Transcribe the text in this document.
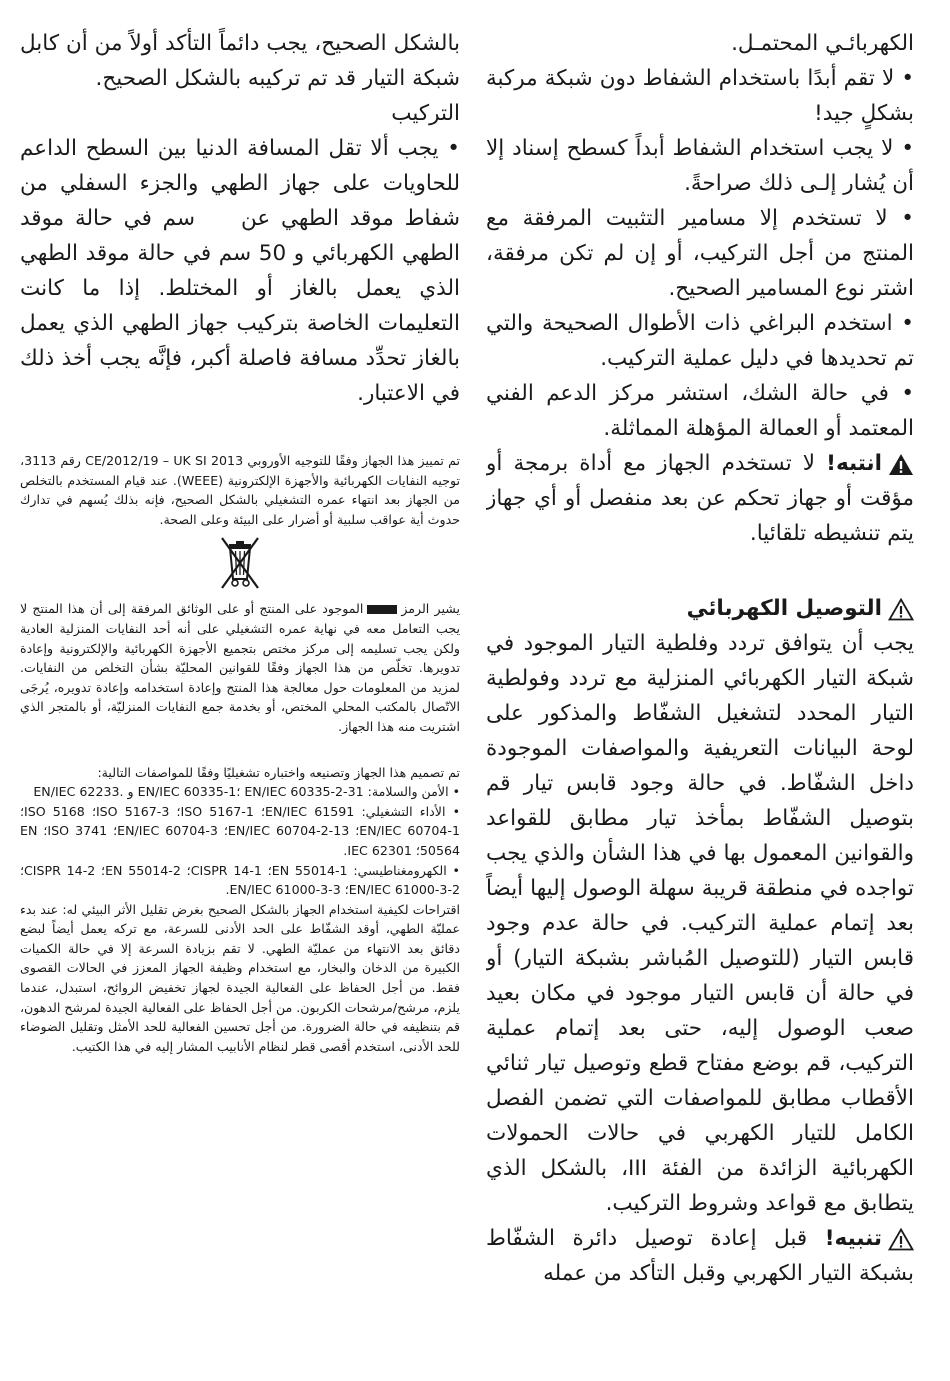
الكهربائـي المحتمـل.

• لا تقم أبدًا باستخدام الشفاط دون شبكة مركبة بشكلٍ جيد!

• لا يجب استخدام الشفاط أبداً كسطح إسناد إلا أن يُشار إلـى ذلك صراحةً.

• لا تستخدم إلا مسامير التثبيت المرفقة مع المنتج من أجل التركيب، أو إن لم تكن مرفقة، اشتر نوع المسامير الصحيح.

• استخدم البراغي ذات الأطوال الصحيحة والتي تم تحديدها في دليل عملية التركيب.

• في حالة الشك، استشر مركز الدعم الفني المعتمد أو العمالة المؤهلة المماثلة.

انتبه! لا تستخدم الجهاز مع أداة برمجة أو مؤقت أو جهاز تحكم عن بعد منفصل أو أي جهاز يتم تنشيطه تلقائيا.

التوصيل الكهربائي

يجب أن يتوافق تردد وفلطية التيار الموجود في شبكة التيار الكهربائي المنزلية مع تردد وفولطية التيار المحدد لتشغيل الشفّاط والمذكور على لوحة البيانات التعريفية والمواصفات الموجودة داخل الشفّاط. في حالة وجود قابس تيار قم بتوصيل الشفّاط بمأخذ تيار مطابق للقواعد والقوانين المعمول بها في هذا الشأن والذي يجب تواجده في منطقة قريبة سهلة الوصول إليها أيضاً بعد إتمام عملية التركيب. في حالة عدم وجود قابس التيار (للتوصيل المُباشر بشبكة التيار) أو في حالة أن قابس التيار موجود في مكان بعيد صعب الوصول إليه، حتى بعد إتمام عملية التركيب، قم بوضع مفتاح قطع وتوصيل تيار ثنائي الأقطاب مطابق للمواصفات التي تضمن الفصل الكامل للتيار الكهربي في حالات الحمولات الكهربائية الزائدة من الفئة III، بالشكل الذي يتطابق مع قواعد وشروط التركيب.

تنبيه! قبل إعادة توصيل دائرة الشفّاط بشبكة التيار الكهربي وقبل التأكد من عمله

بالشكل الصحيح، يجب دائماً التأكد أولاً من أن كابل شبكة التيار قد تم تركيبه بالشكل الصحيح.

التركيب

• يجب ألا تقل المسافة الدنيا بين السطح الداعم للحاويات على جهاز الطهي والجزء السفلي من شفاط موقد الطهي عنسم في حالة موقد الطهي الكهربائي و 50 سم في حالة موقد الطهي الذي يعمل بالغاز أو المختلط. إذا ما كانت التعليمات الخاصة بتركيب جهاز الطهي الذي يعمل بالغاز تحدِّد مسافة فاصلة أكبر، فإنَّه يجب أخذ ذلك في الاعتبار.

تم تمييز هذا الجهاز وفقًا للتوجيه الأوروبي CE/2012/19 – UK SI 2013 رقم 3113، توجيه النفايات الكهربائية والأجهزة الإلكترونية (WEEE). عند قيام المستخدم بالتخلص من الجهاز بعد انتهاء عمره التشغيلي بالشكل الصحيح، فإنه بذلك يُسهم في تدارك حدوث أية عواقب سلبية أو أضرار على البيئة وعلى الصحة.

يشير الرمزالموجود على المنتج أو على الوثائق المرفقة إلى أن هذا المنتج لا يجب التعامل معه في نهاية عمره التشغيلي على أنه أحد النفايات المنزلية العادية ولكن يجب تسليمه إلى مركز مختص بتجميع الأجهزة الكهربائية والإلكترونية وإعادة تدويرها. تخلّص من هذا الجهاز وفقًا للقوانين المحليّة بشأن التخلص من النفايات. لمزيد من المعلومات حول معالجة هذا المنتج وإعادة استخدامه وإعادة تدويره، يُرجَى الاتّصال بالمكتب المحلي المختص، أو بخدمة جمع النفايات المنزليّة، أو بالمتجر الذي اشتريت منه هذا الجهاز.

تم تصميم هذا الجهاز وتصنيعه واختباره تشغيليًا وفقًا للمواصفات التالية:

• الأمن والسلامة: EN/IEC 60335-1؛ EN/IEC 60335-2-31 و EN/IEC 62233.

• الأداء التشغيلي: EN/IEC 61591؛ ISO 5167-1؛ ISO 5167-3؛ ISO 5168؛ EN/IEC 60704-1؛ EN/IEC 60704-2-13؛ EN/IEC 60704-3؛ ISO 3741؛ EN 50564؛ IEC 62301.

• الكهرومغناطيسي: EN 55014-1؛ CISPR 14-1؛ EN 55014-2؛ CISPR 14-2؛ EN/IEC 61000-3-2؛ EN/IEC 61000-3-3.

اقتراحات لكيفية استخدام الجهاز بالشكل الصحيح بغرض تقليل الأثر البيئي له: عند بدء عمليّة الطهي، أوقد الشفّاط على الحد الأدنى للسرعة، مع تركه يعمل أيضاً لبضع دقائق بعد الانتهاء من عمليّة الطهي. لا تقم بزيادة السرعة إلا في حالة الكميات الكبيرة من الدخان والبخار، مع استخدام وظيفة الجهاز المعزز في الحالات القصوى فقط. من أجل الحفاظ على الفعالية الجيدة لجهاز تخفيض الروائح، استبدل، عندما يلزم، مرشح/مرشحات الكربون. من أجل الحفاظ على الفعالية الجيدة لمرشح الدهون، قم بتنظيفه في حالة الضرورة. من أجل تحسين الفعالية للحد الأمثل وتقليل الضوضاء للحد الأدنى، استخدم أقصى قطر لنظام الأنابيب المشار إليه في هذا الكتيب.
